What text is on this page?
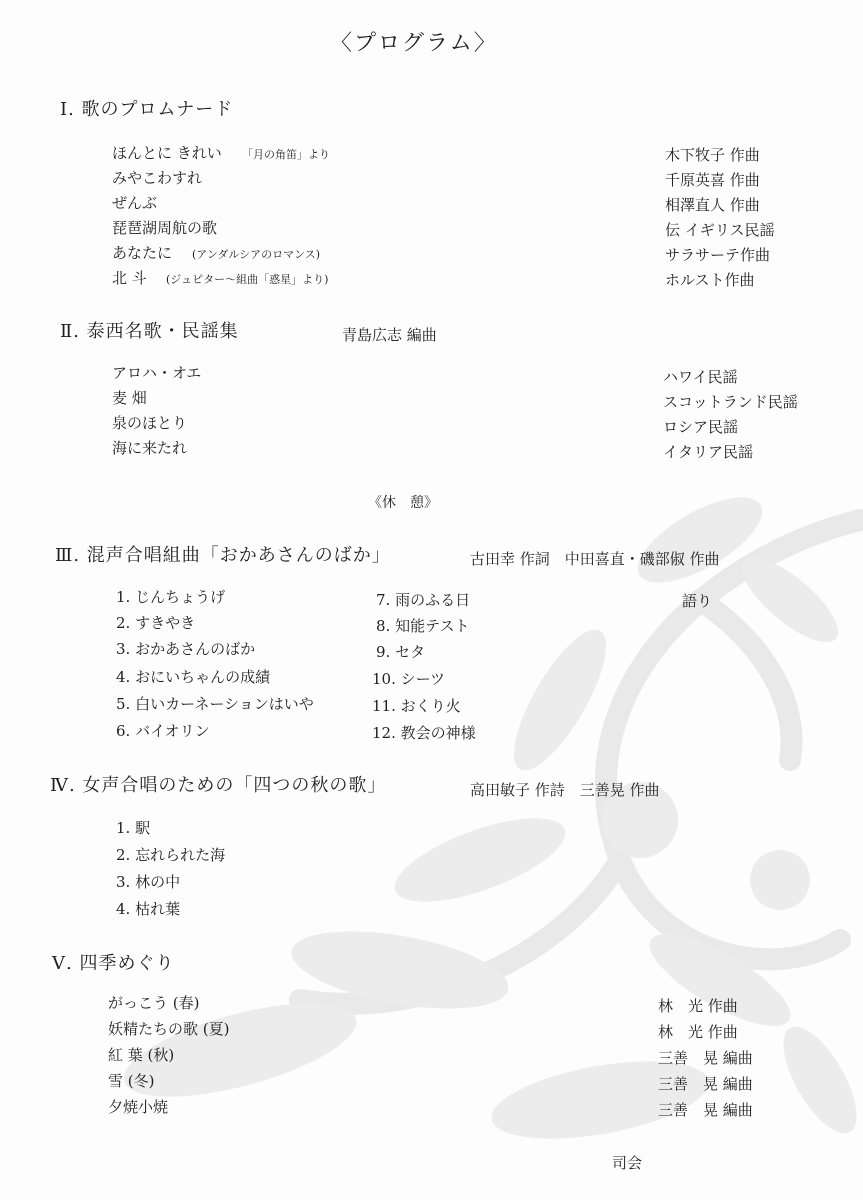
〈プログラム〉
Ⅰ. 歌のプロムナード
ほんとに きれい 「月の角笛」より	木下牧子 作曲
みやこわすれ	千原英喜 作曲
ぜんぶ	相澤直人 作曲
琵琶湖周航の歌	伝 イギリス民謡
あなたに (アンダルシアのロマンス)	サラサーテ作曲
北 斗 (ジュピター〜組曲「惑星」より)	ホルスト作曲
Ⅱ. 泰西名歌・民謡集	青島広志 編曲
アロハ・オエ	ハワイ民謡
麦 畑	スコットランド民謡
泉のほとり	ロシア民謡
海に来たれ	イタリア民謡
《休　憩》
Ⅲ. 混声合唱組曲「おかあさんのばか」	古田幸 作詞　中田喜直・磯部俶 作曲
1. じんちょうげ
2. すきやき
3. おかあさんのばか
4. おにいちゃんの成績
5. 白いカーネーションはいや
6. バイオリン
7. 雨のふる日
8. 知能テスト
9. セタ
10. シーツ
11. おくり火
12. 教会の神様
語り
Ⅳ. 女声合唱のための「四つの秋の歌」	高田敏子 作詩　三善晃 作曲
1. 駅
2. 忘れられた海
3. 林の中
4. 枯れ葉
Ⅴ. 四季めぐり
がっこう (春)	林　光 作曲
妖精たちの歌 (夏)	林　光 作曲
紅 葉 (秋)	三善　晃 編曲
雪 (冬)	三善　晃 編曲
夕焼小焼	三善　晃 編曲
司会
